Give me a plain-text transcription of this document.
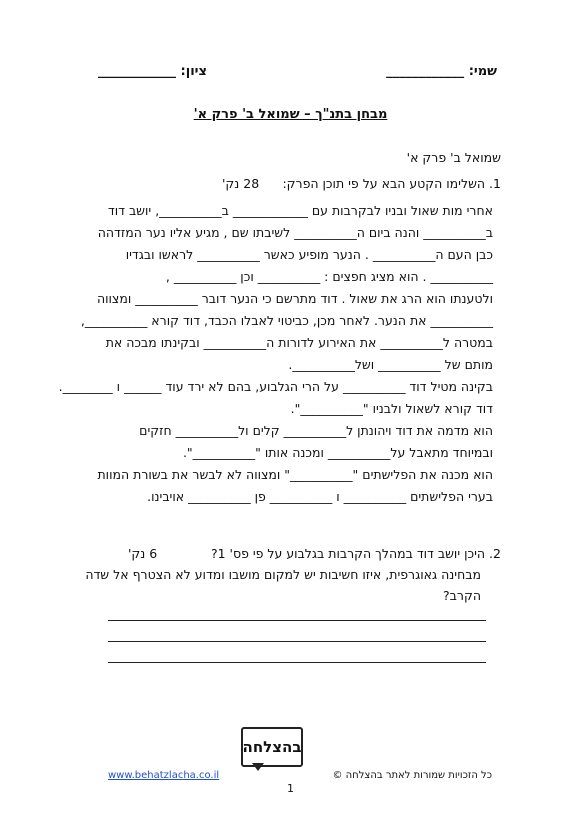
שמי: ____________
ציון: ____________
מבחן בתנ"ך – שמואל ב' פרק א'
שמואל ב' פרק א'
1. השלימו הקטע הבא על פי תוכן הפרק:
28 נק'
אחרי מות שאול ובניו לבקרבות עם ____________ ב__________, יושב דוד
ב__________ והנה ביום ה__________ לשיבתו שם , מגיע אליו נער המזדהה
כבן העם ה__________ . הנער מופיע כאשר __________ לראשו ובגדיו
__________ . הוא מציג חפצים : __________ וכן __________ ,
ולטענתו הוא הרג את שאול . דוד מתרשם כי הנער דובר __________ ומצווה
__________ את הנער. לאחר מכן, כביטוי לאבלו הכבד, דוד קורא __________,
במטרה ל__________ את האירוע לדורות ה__________ ובקינתו מבכה את
מותם של __________ ושל__________.
בקינה מטיל דוד __________ על הרי הגלבוע, בהם לא ירד עוד ______ ו ________.
דוד קורא לשאול ולבניו "__________".
הוא מדמה את דוד ויהונתן ל__________ קלים ול__________ חזקים
ובמיוחד מתאבל על__________ ומכנה אותו "__________".
הוא מכנה את הפלישתים "__________" ומצווה לא לבשר את בשורת המוות
בערי הפלישתים __________ ו __________ פן __________ אויבינו.
2. היכן יושב דוד במהלך הקרבות בגלבוע על פי פס' 1?
6 נק'
מבחינה גאוגרפית, איזו חשיבות יש למקום מושבו ומדוע לא הצטרף אל שדה
הקרב?
בהצלחה
www.behatzlacha.co.il	כל הזכויות שמורות לאתר בהצלחה ©
1
